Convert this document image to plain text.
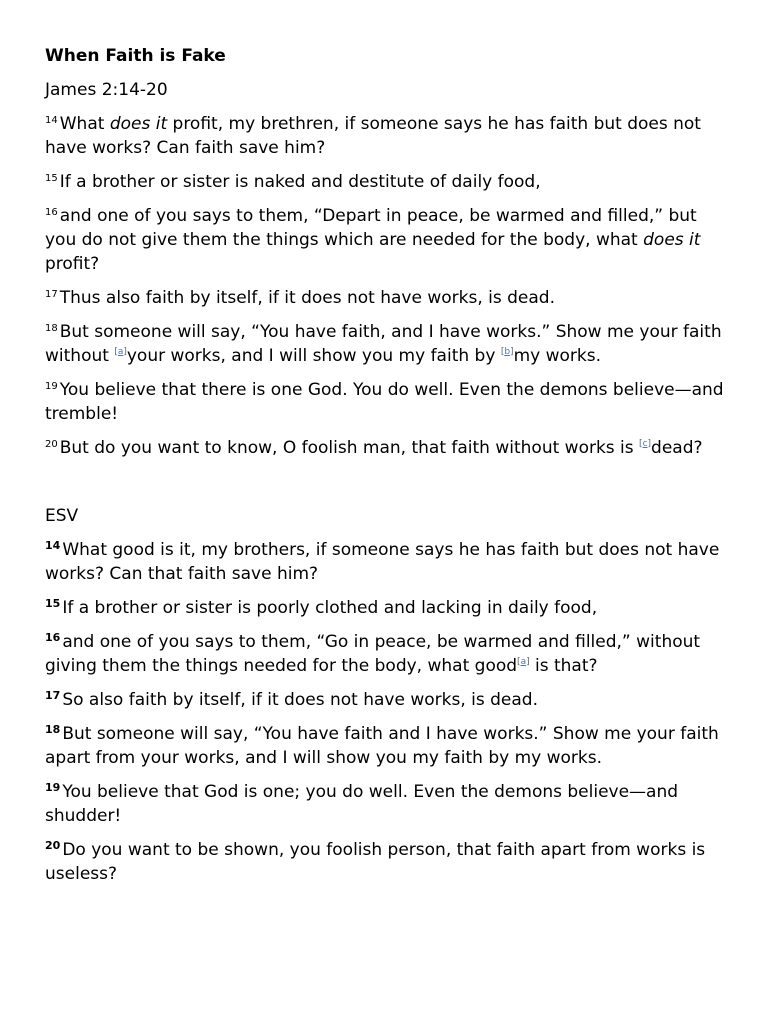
When Faith is Fake
James 2:14-20

$^{14}$ What does it profit, my brethren, if someone says he has faith but does not have works? Can faith save him?

$^{15}$ If a brother or sister is naked and destitute of daily food,

$^{16}$ and one of you says to them, “Depart in peace, be warmed and filled,” but you do not give them the things which are needed for the body, what does it profit?

$^{17}$ Thus also faith by itself, if it does not have works, is dead.

$^{18}$ But someone will say, “You have faith, and I have works.” Show me your faith without [a]your works, and I will show you my faith by [b]my works.

$^{19}$ You believe that there is one God. You do well. Even the demons believe—and tremble!

$^{20}$ But do you want to know, O foolish man, that faith without works is [c]dead?

ESV

$^{14}$ What good is it, my brothers, if someone says he has faith but does not have works? Can that faith save him?

$^{15}$ If a brother or sister is poorly clothed and lacking in daily food,

$^{16}$ and one of you says to them, “Go in peace, be warmed and filled,” without giving them the things needed for the body, what good[a] is that?

$^{17}$ So also faith by itself, if it does not have works, is dead.

$^{18}$ But someone will say, “You have faith and I have works.” Show me your faith apart from your works, and I will show you my faith by my works.

$^{19}$ You believe that God is one; you do well. Even the demons believe—and shudder!

$^{20}$ Do you want to be shown, you foolish person, that faith apart from works is useless?
